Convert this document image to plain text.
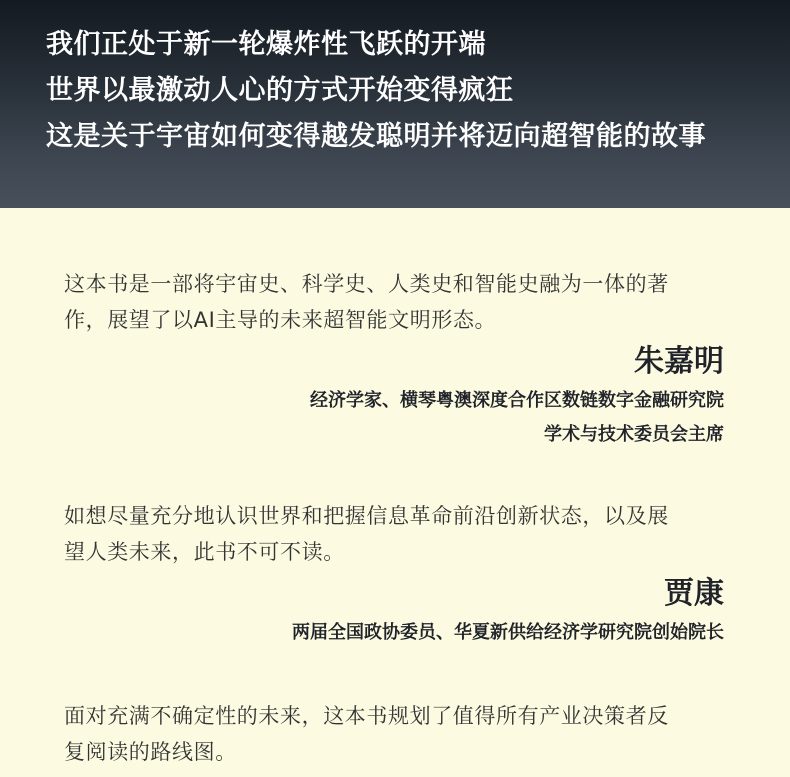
我们正处于新一轮爆炸性飞跃的开端
世界以最激动人心的方式开始变得疯狂
这是关于宇宙如何变得越发聪明并将迈向超智能的故事
这本书是一部将宇宙史、科学史、人类史和智能史融为一体的著
作，展望了以AI主导的未来超智能文明形态。
朱嘉明
经济学家、横琴粤澳深度合作区数链数字金融研究院
学术与技术委员会主席
如想尽量充分地认识世界和把握信息革命前沿创新状态，以及展
望人类未来，此书不可不读。
贾康
两届全国政协委员、华夏新供给经济学研究院创始院长
面对充满不确定性的未来，这本书规划了值得所有产业决策者反
复阅读的路线图。
